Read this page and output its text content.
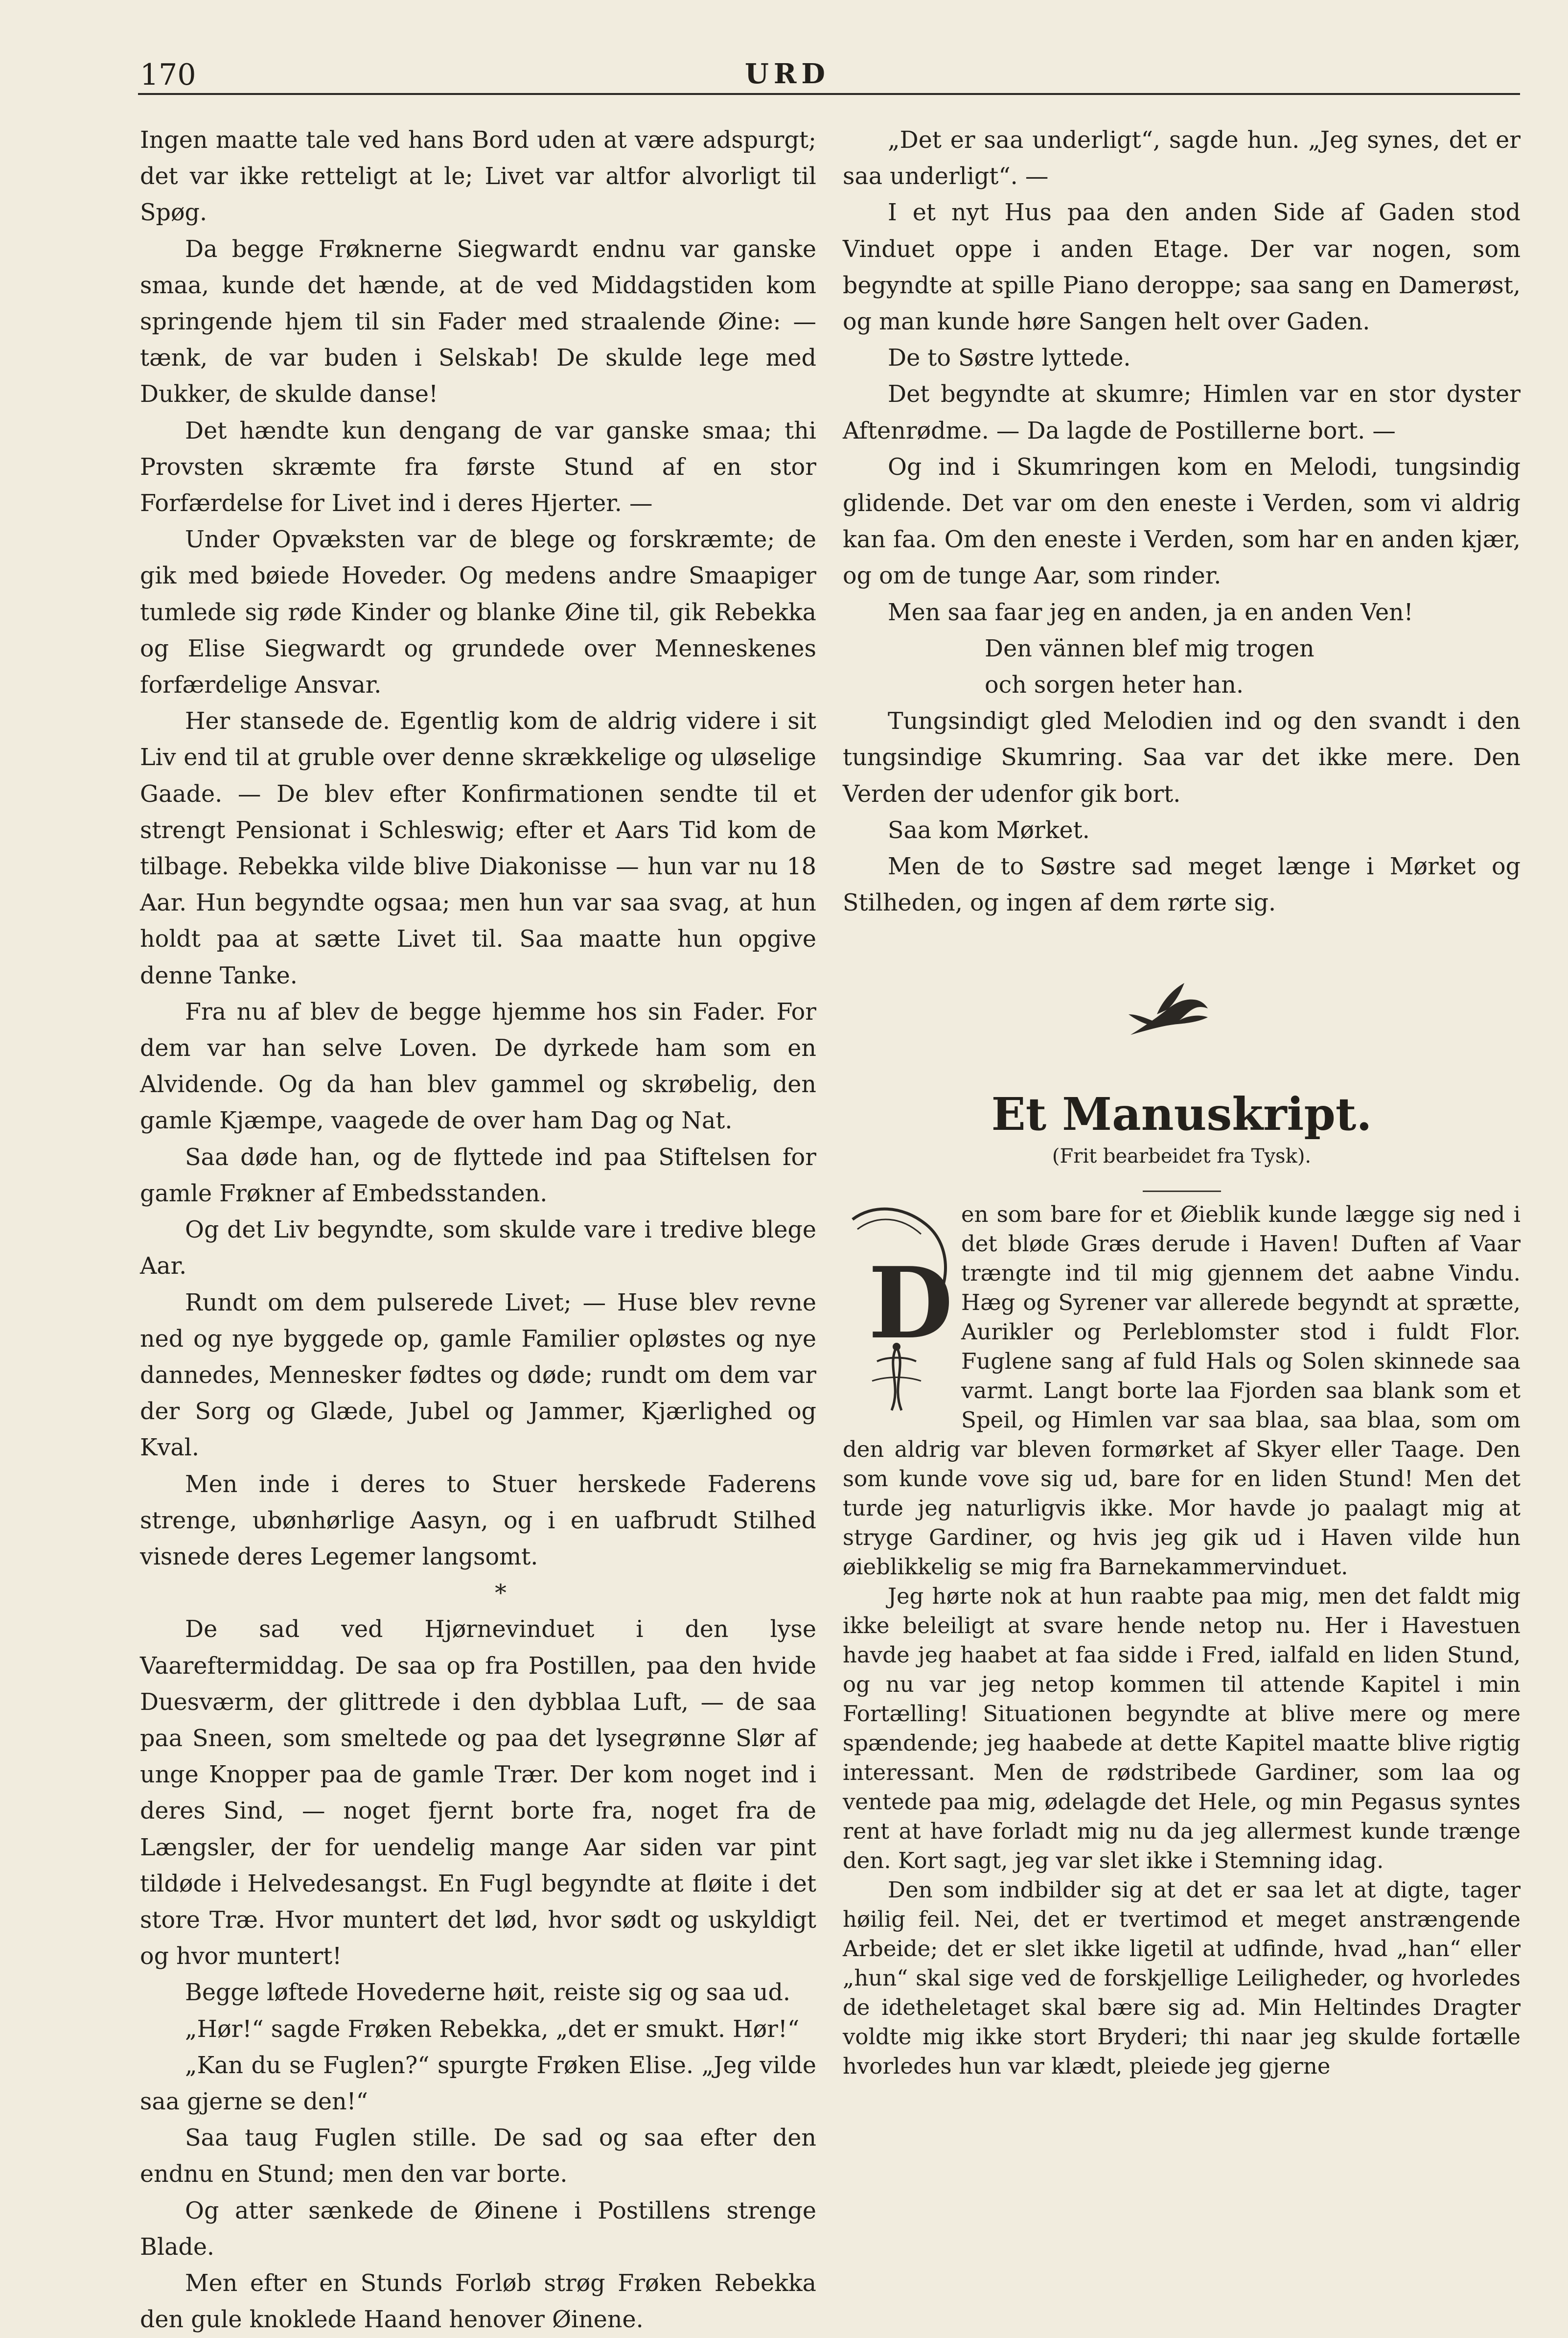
170	URD

Ingen maatte tale ved hans Bord uden at være adspurgt; det var ikke retteligt at le; Livet var altfor alvorligt til Spøg.

Da begge Frøknerne Siegwardt endnu var ganske smaa, kunde det hænde, at de ved Middagstiden kom springende hjem til sin Fader med straalende Øine: — tænk, de var buden i Selskab! De skulde lege med Dukker, de skulde danse!

Det hændte kun dengang de var ganske smaa; thi Provsten skræmte fra første Stund af en stor Forfærdelse for Livet ind i deres Hjerter. —

Under Opvæksten var de blege og forskræmte; de gik med bøiede Hoveder. Og medens andre Smaapiger tumlede sig røde Kinder og blanke Øine til, gik Rebekka og Elise Siegwardt og grundede over Menneskenes forfærdelige Ansvar.

Her stansede de. Egentlig kom de aldrig videre i sit Liv end til at gruble over denne skrækkelige og uløselige Gaade. — De blev efter Konfirmationen sendte til et strengt Pensionat i Schleswig; efter et Aars Tid kom de tilbage. Rebekka vilde blive Diakonisse — hun var nu 18 Aar. Hun begyndte ogsaa; men hun var saa svag, at hun holdt paa at sætte Livet til. Saa maatte hun opgive denne Tanke.

Fra nu af blev de begge hjemme hos sin Fader. For dem var han selve Loven. De dyrkede ham som en Alvidende. Og da han blev gammel og skrøbelig, den gamle Kjæmpe, vaagede de over ham Dag og Nat.

Saa døde han, og de flyttede ind paa Stiftelsen for gamle Frøkner af Embedsstanden.

Og det Liv begyndte, som skulde vare i tredive blege Aar.

Rundt om dem pulserede Livet; — Huse blev revne ned og nye byggede op, gamle Familier opløstes og nye dannedes, Mennesker fødtes og døde; rundt om dem var der Sorg og Glæde, Jubel og Jammer, Kjærlighed og Kval.

Men inde i deres to Stuer herskede Faderens strenge, ubønhørlige Aasyn, og i en uafbrudt Stilhed visnede deres Legemer langsomt.

*

De sad ved Hjørnevinduet i den lyse Vaareftermiddag. De saa op fra Postillen, paa den hvide Duesværm, der glittrede i den dybblaa Luft, — de saa paa Sneen, som smeltede og paa det lysegrønne Slør af unge Knopper paa de gamle Trær. Der kom noget ind i deres Sind, — noget fjernt borte fra, noget fra de Længsler, der for uendelig mange Aar siden var pint tildøde i Helvedesangst. En Fugl begyndte at fløite i det store Træ. Hvor muntert det lød, hvor sødt og uskyldigt og hvor muntert!

Begge løftede Hovederne høit, reiste sig og saa ud.

„Hør!“ sagde Frøken Rebekka, „det er smukt. Hør!“

„Kan du se Fuglen?“ spurgte Frøken Elise. „Jeg vilde saa gjerne se den!“

Saa taug Fuglen stille. De sad og saa efter den endnu en Stund; men den var borte.

Og atter sænkede de Øinene i Postillens strenge Blade.

Men efter en Stunds Forløb strøg Frøken Rebekka den gule knoklede Haand henover Øinene.

„Det er saa underligt“, sagde hun. „Jeg synes, det er saa underligt“. —

I et nyt Hus paa den anden Side af Gaden stod Vinduet oppe i anden Etage. Der var nogen, som begyndte at spille Piano deroppe; saa sang en Damerøst, og man kunde høre Sangen helt over Gaden.

De to Søstre lyttede.

Det begyndte at skumre; Himlen var en stor dyster Aftenrødme. — Da lagde de Postillerne bort. —

Og ind i Skumringen kom en Melodi, tungsindig glidende. Det var om den eneste i Verden, som vi aldrig kan faa. Om den eneste i Verden, som har en anden kjær, og om de tunge Aar, som rinder.

Men saa faar jeg en anden, ja en anden Ven!

Den vännen blef mig trogen

och sorgen heter han.

Tungsindigt gled Melodien ind og den svandt i den tungsindige Skumring. Saa var det ikke mere. Den Verden der udenfor gik bort.

Saa kom Mørket.

Men de to Søstre sad meget længe i Mørket og Stilheden, og ingen af dem rørte sig.

Et Manuskript.
(Frit bearbeidet fra Tysk).
D

en som bare for et Øieblik kunde lægge sig ned i det bløde Græs derude i Haven! Duften af Vaar trængte ind til mig gjennem det aabne Vindu. Hæg og Syrener var allerede begyndt at sprætte, Aurikler og Perleblomster stod i fuldt Flor. Fuglene sang af fuld Hals og Solen skinnede saa varmt. Langt borte laa Fjorden saa blank som et Speil, og Himlen var saa blaa, saa blaa, som om den aldrig var bleven formørket af Skyer eller Taage. Den som kunde vove sig ud, bare for en liden Stund! Men det turde jeg naturligvis ikke. Mor havde jo paalagt mig at stryge Gardiner, og hvis jeg gik ud i Haven vilde hun øieblikkelig se mig fra Barnekammervinduet.

Jeg hørte nok at hun raabte paa mig, men det faldt mig ikke beleiligt at svare hende netop nu. Her i Havestuen havde jeg haabet at faa sidde i Fred, ialfald en liden Stund, og nu var jeg netop kommen til attende Kapitel i min Fortælling! Situationen begyndte at blive mere og mere spændende; jeg haabede at dette Kapitel maatte blive rigtig interessant. Men de rødstribede Gardiner, som laa og ventede paa mig, ødelagde det Hele, og min Pegasus syntes rent at have forladt mig nu da jeg allermest kunde trænge den. Kort sagt, jeg var slet ikke i Stemning idag.

Den som indbilder sig at det er saa let at digte, tager høilig feil. Nei, det er tvertimod et meget anstrængende Arbeide; det er slet ikke ligetil at udfinde, hvad „han“ eller „hun“ skal sige ved de forskjellige Leiligheder, og hvorledes de idetheletaget skal bære sig ad. Min Heltindes Dragter voldte mig ikke stort Bryderi; thi naar jeg skulde fortælle hvorledes hun var klædt, pleiede jeg gjerne
